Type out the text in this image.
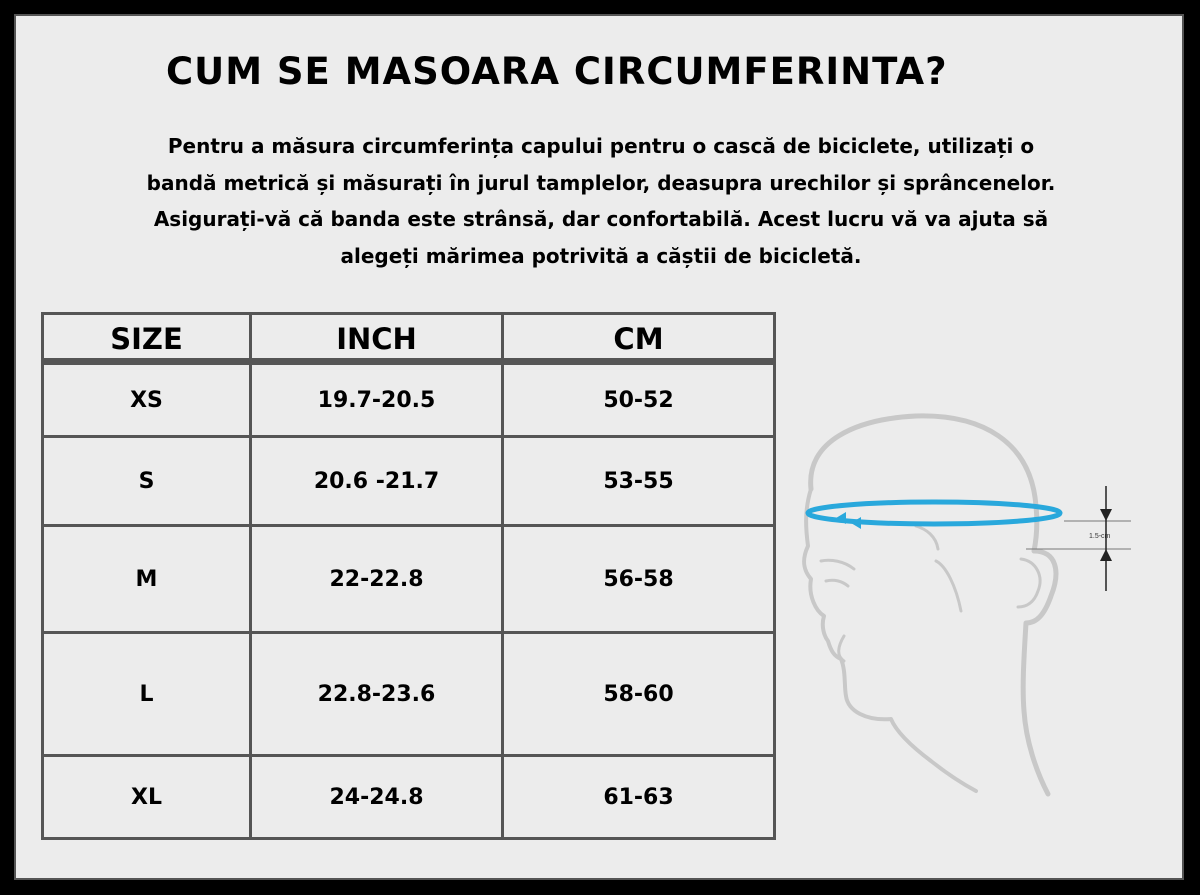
CUM SE MASOARA CIRCUMFERINTA?
Pentru a măsura circumferința capului pentru o cască de biciclete, utilizați o
bandă metrică și măsurați în jurul tamplelor, deasupra urechilor și sprâncenelor.
Asigurați-vă că banda este strânsă, dar confortabilă. Acest lucru vă va ajuta să
alegeți mărimea potrivită a căștii de bicicletă.
SIZE	INCH	CM
XS	19.7-20.5	50-52
S	20.6 -21.7	53-55
M	22-22.8	56-58
L	22.8-23.6	58-60
XL	24-24.8	61-63
1.5-cm
